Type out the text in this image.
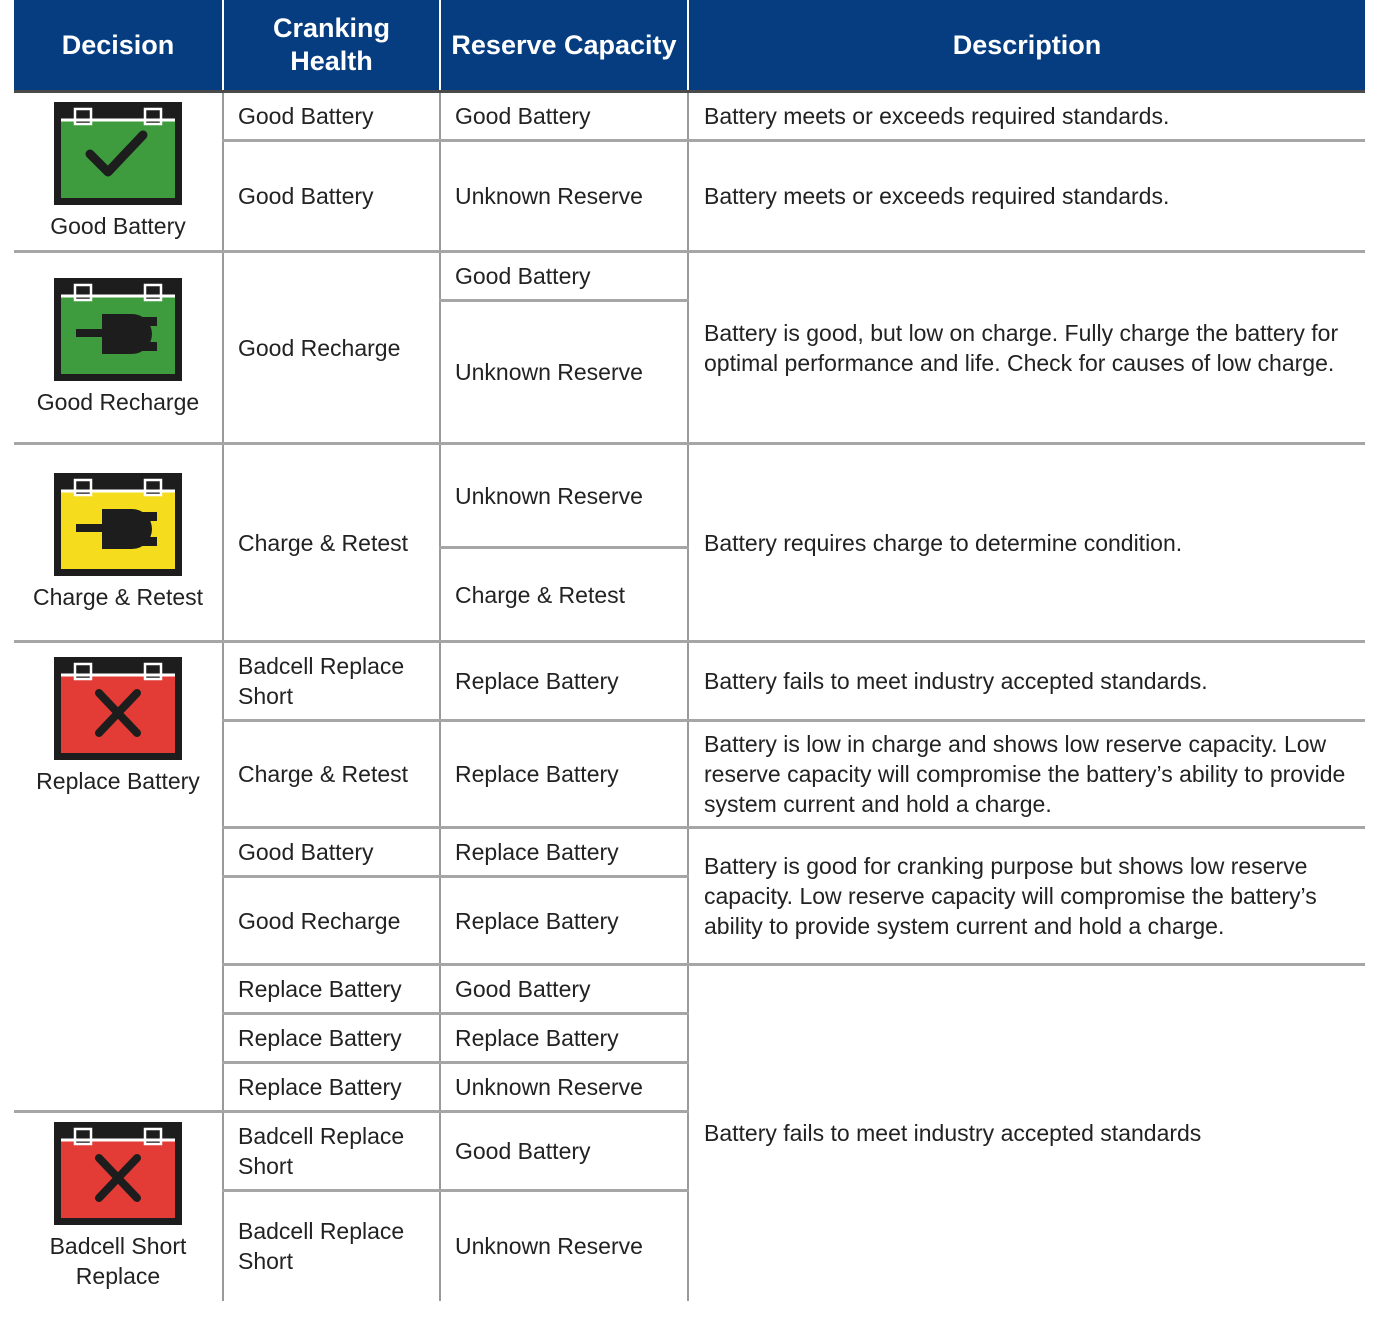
Decision	Cranking Health	Reserve Capacity	Description

Good Battery	Good Battery	Good Battery	Battery meets or exceeds required standards.
	Good Battery	Unknown Reserve	Battery meets or exceeds required standards.

Good Recharge	Good Recharge	Good Battery	Battery is good, but low on charge. Fully charge the battery for optimal performance and life. Check for causes of low charge.
		Unknown Reserve	

Charge & Retest	Charge & Retest	Unknown Reserve	Battery requires charge to determine condition.
		Charge & Retest	

Replace Battery	Badcell Replace Short	Replace Battery	Battery fails to meet industry accepted standards.
	Charge & Retest	Replace Battery	Battery is low in charge and shows low reserve capacity. Low reserve capacity will compromise the battery’s ability to provide system current and hold a charge.
	Good Battery	Replace Battery	Battery is good for cranking purpose but shows low reserve capacity. Low reserve capacity will compromise the battery’s ability to provide system current and hold a charge.
	Good Recharge	Replace Battery	
	Replace Battery	Good Battery	Battery fails to meet industry accepted standards
	Replace Battery	Replace Battery	
	Replace Battery	Unknown Reserve	

Badcell Short Replace	Badcell Replace Short	Good Battery	
	Badcell Replace Short	Unknown Reserve	
